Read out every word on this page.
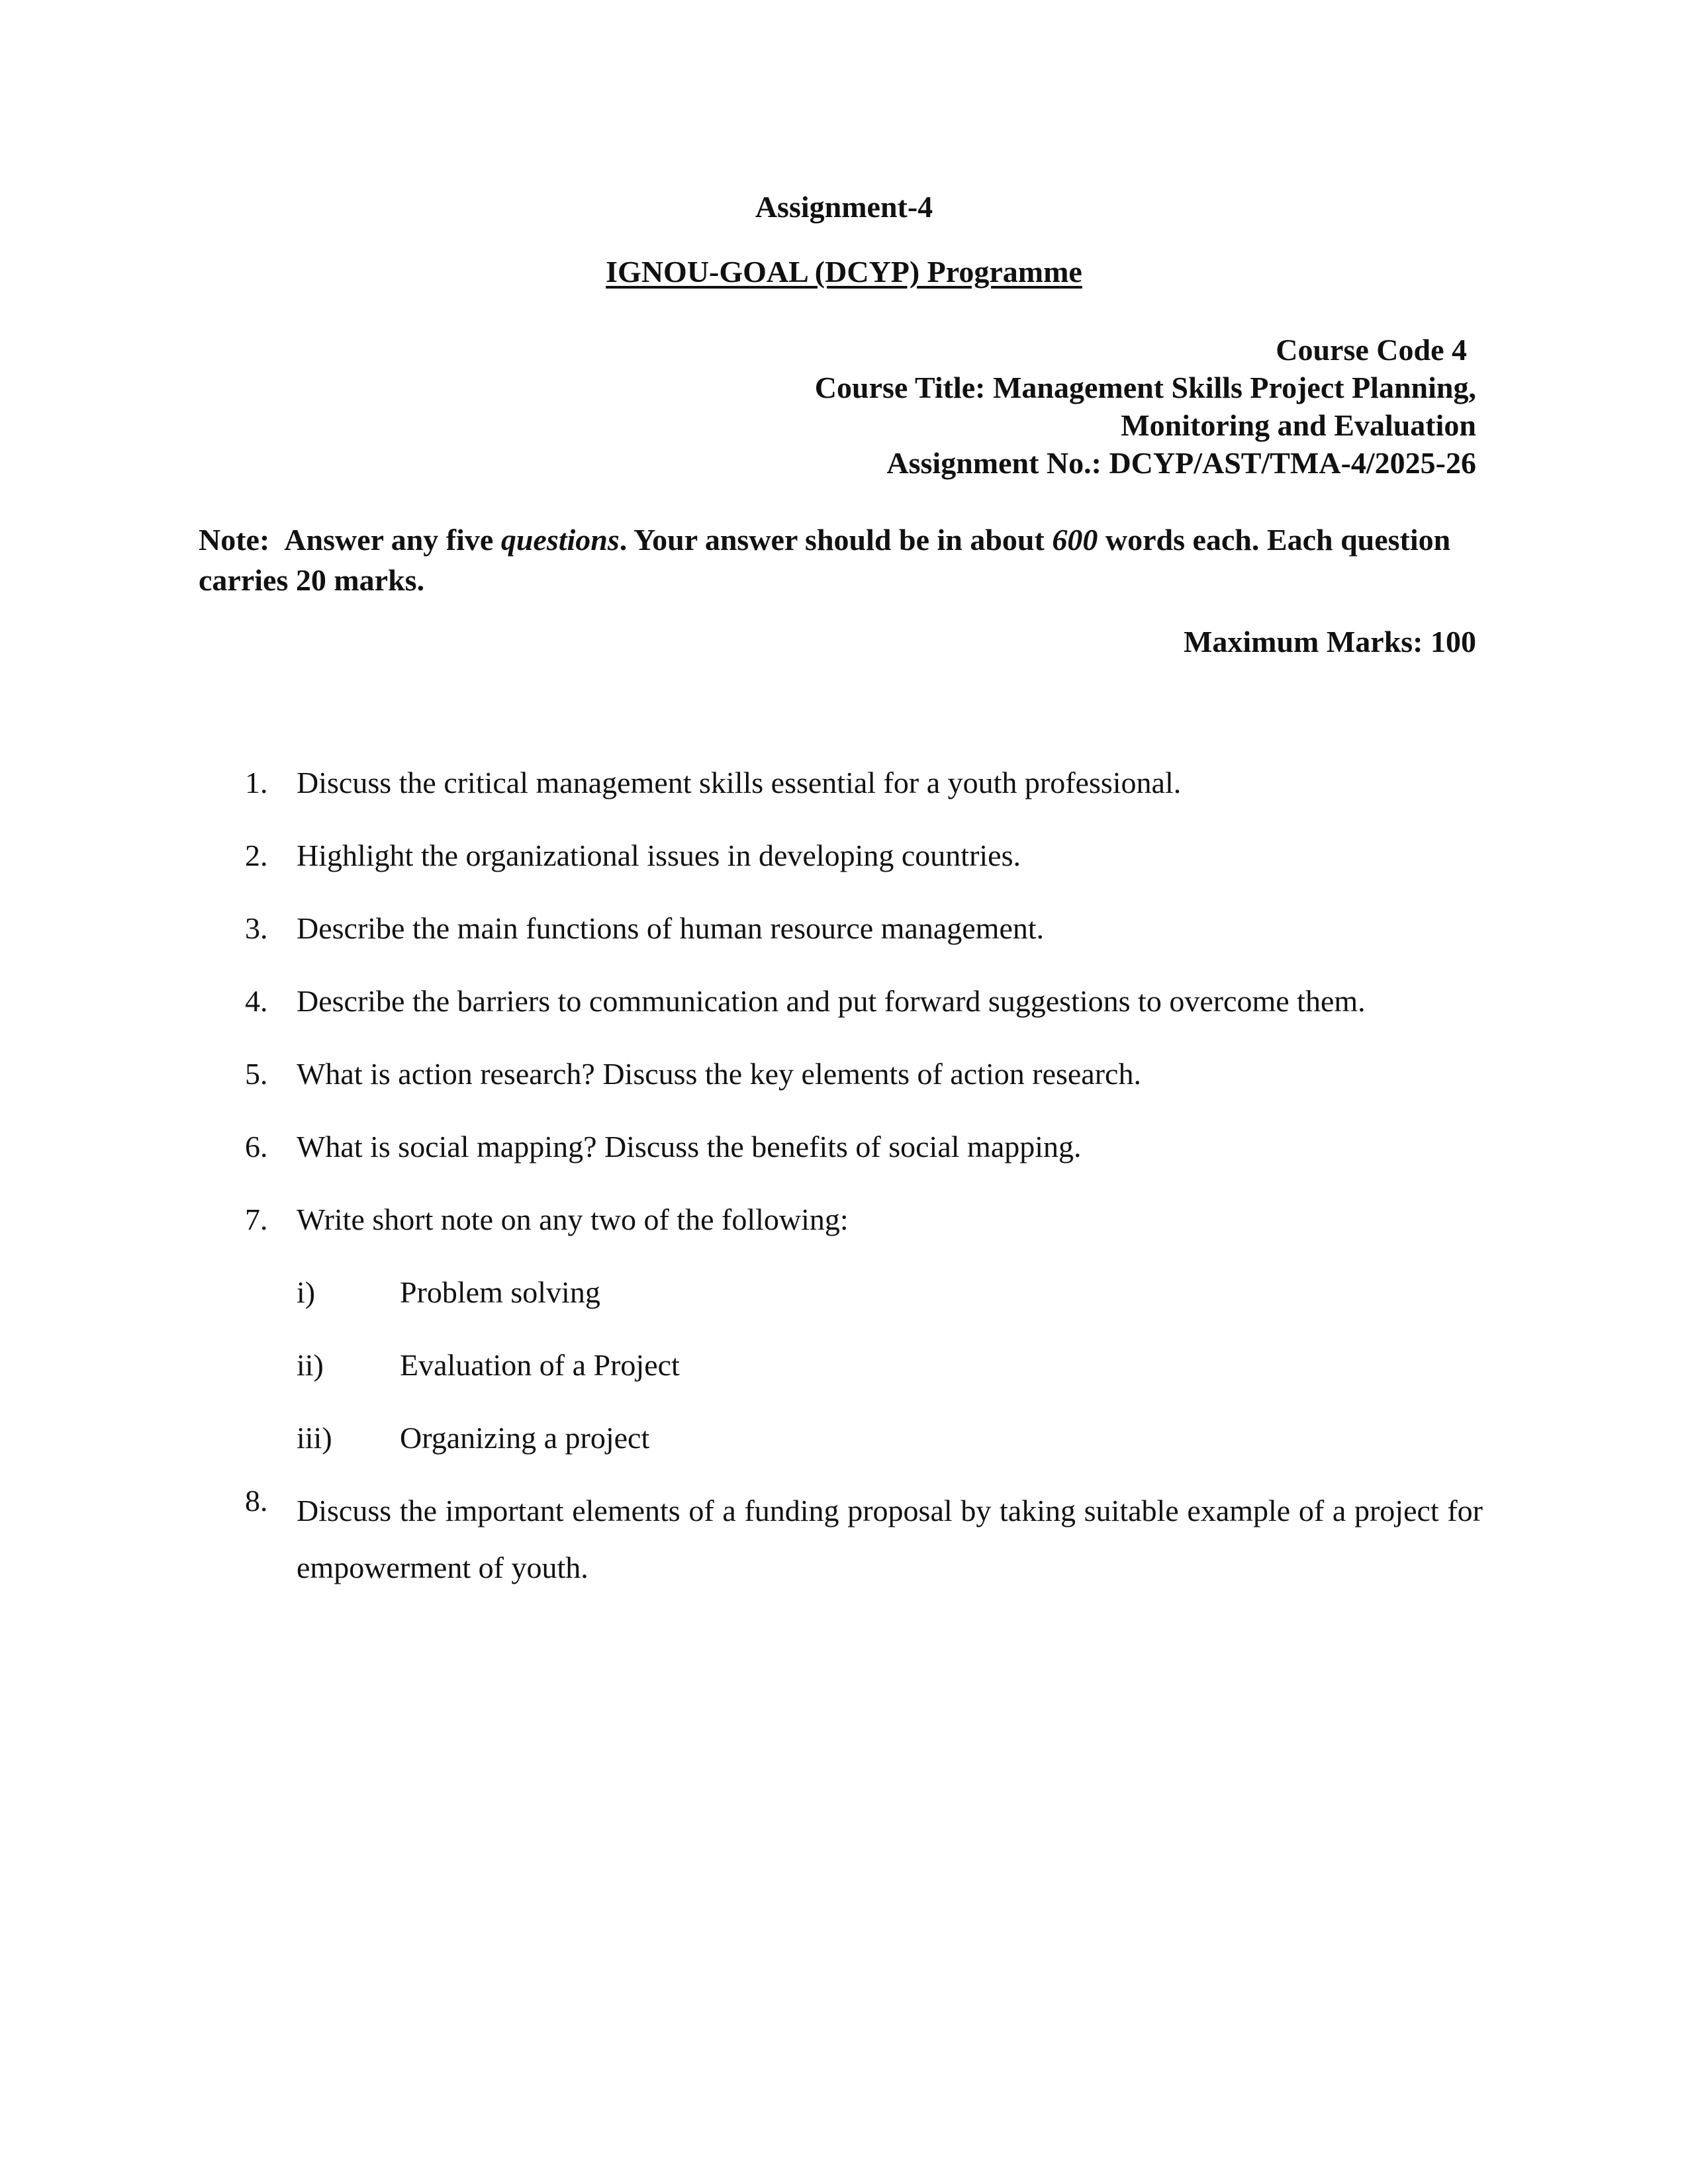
Assignment-4
IGNOU-GOAL (DCYP) Programme
Course Code 4
Course Title: Management Skills Project Planning,
Monitoring and Evaluation
Assignment No.: DCYP/AST/TMA-4/2025-26
Note: Answer any five questions. Your answer should be in about 600 words each. Each question carries 20 marks.
Maximum Marks: 100
1. Discuss the critical management skills essential for a youth professional.
2. Highlight the organizational issues in developing countries.
3. Describe the main functions of human resource management.
4. Describe the barriers to communication and put forward suggestions to overcome them.
5. What is action research? Discuss the key elements of action research.
6. What is social mapping? Discuss the benefits of social mapping.
7. Write short note on any two of the following:
i)	Problem solving
ii)	Evaluation of a Project
iii) Organizing a project
8. Discuss the important elements of a funding proposal by taking suitable example of a project for empowerment of youth.
